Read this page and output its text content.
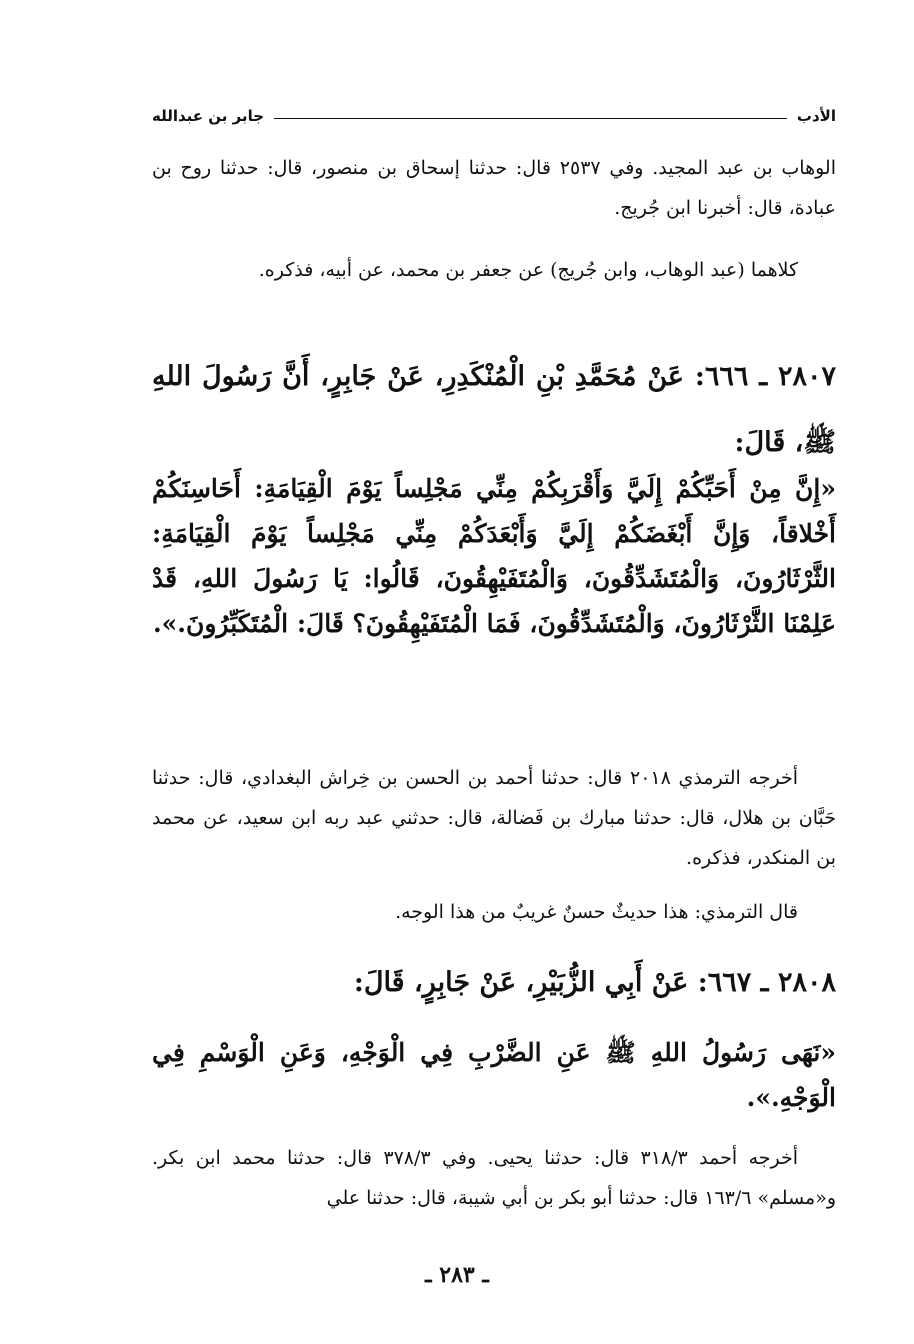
الأدب
جابر بن عبدالله
الوهاب بن عبد المجيد. وفي ٢٥٣٧ قال: حدثنا إسحاق بن منصور، قال: حدثنا روح بن عبادة، قال: أخبرنا ابن جُريج.
كلاهما (عبد الوهاب، وابن جُريج) عن جعفر بن محمد، عن أبيه، فذكره.
٢٨٠٧ ـ ٦٦٦: عَنْ مُحَمَّدِ بْنِ الْمُنْكَدِرِ، عَنْ جَابِرٍ، أَنَّ رَسُولَ اللهِ ﷺ، قَالَ:
«إِنَّ مِنْ أَحَبِّكُمْ إِلَيَّ وَأَقْرَبِكُمْ مِنِّي مَجْلِساً يَوْمَ الْقِيَامَةِ: أَحَاسِنَكُمْ أَخْلاقاً، وَإِنَّ أَبْغَضَكُمْ إِلَيَّ وَأَبْعَدَكُمْ مِنِّي مَجْلِساً يَوْمَ الْقِيَامَةِ: الثَّرْثَارُونَ، وَالْمُتَشَدِّقُونَ، وَالْمُتَفَيْهِقُونَ، قَالُوا: يَا رَسُولَ اللهِ، قَدْ عَلِمْنَا الثَّرْثَارُونَ، وَالْمُتَشَدِّقُونَ، فَمَا الْمُتَفَيْهِقُونَ؟ قَالَ: الْمُتَكَبِّرُونَ.».
أخرجه الترمذي ٢٠١٨ قال: حدثنا أحمد بن الحسن بن خِراش البغدادي، قال: حدثنا حَبَّان بن هلال، قال: حدثنا مبارك بن فَضالة، قال: حدثني عبد ربه ابن سعيد، عن محمد بن المنكدر، فذكره.
قال الترمذي: هذا حديثٌ حسنٌ غريبٌ من هذا الوجه.
٢٨٠٨ ـ ٦٦٧: عَنْ أَبِي الزُّبَيْرِ، عَنْ جَابِرٍ، قَالَ:
«نَهَى رَسُولُ اللهِ ﷺ عَنِ الضَّرْبِ فِي الْوَجْهِ، وَعَنِ الْوَسْمِ فِي الْوَجْهِ.».
أخرجه أحمد ٣١٨/٣ قال: حدثنا يحيى. وفي ٣٧٨/٣ قال: حدثنا محمد ابن بكر. و«مسلم» ١٦٣/٦ قال: حدثنا أبو بكر بن أبي شيبة، قال: حدثنا علي
ـ ٢٨٣ ـ
